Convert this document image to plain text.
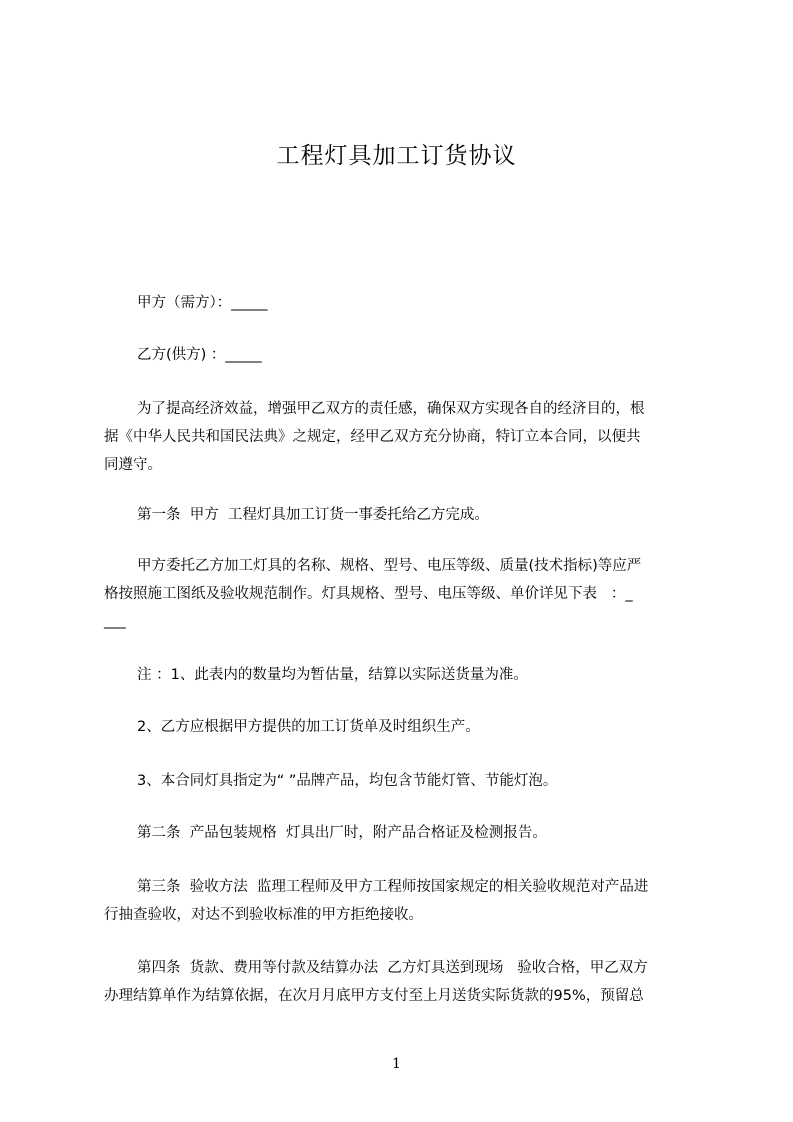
工程灯具加工订货协议
甲方（需方）：_____
乙方(供方) ：_____
为了提高经济效益，增强甲乙双方的责任感，确保双方实现各自的经济目的，根
据《中华人民共和国民法典》之规定，经甲乙双方充分协商，特订立本合同，以便共
同遵守。
第一条  甲方  工程灯具加工订货一事委托给乙方完成。
甲方委托乙方加工灯具的名称、规格、型号、电压等级、质量(技术指标)等应严
格按照施工图纸及验收规范制作。灯具规格、型号、电压等级、单价详见下表   ：_
___
注 ：1、此表内的数量均为暂估量，结算以实际送货量为准。
2、乙方应根据甲方提供的加工订货单及时组织生产。
3、本合同灯具指定为“ ”品牌产品，均包含节能灯管、节能灯泡。
第二条  产品包装规格  灯具出厂时，附产品合格证及检测报告。
第三条  验收方法  监理工程师及甲方工程师按国家规定的相关验收规范对产品进
行抽查验收，对达不到验收标准的甲方拒绝接收。
第四条  货款、费用等付款及结算办法  乙方灯具送到现场   验收合格，甲乙双方
办理结算单作为结算依据，在次月月底甲方支付至上月送货实际货款的95%，预留总
1
